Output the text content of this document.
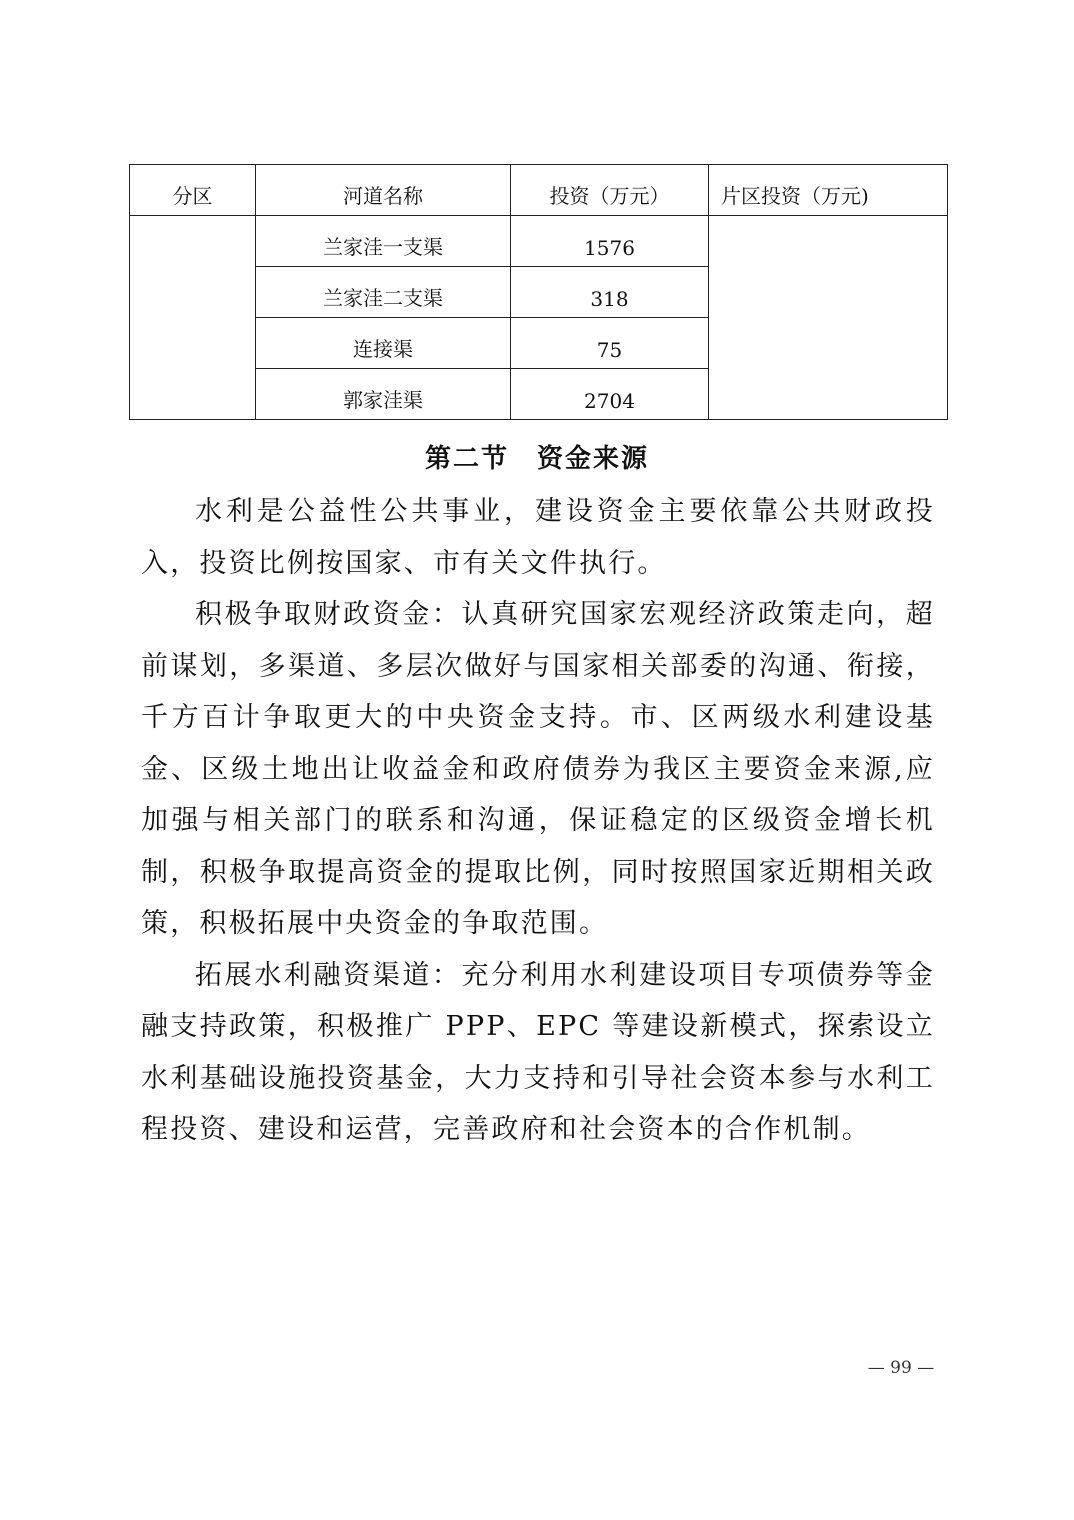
分区	河道名称	投资（万元）	片区投资（万元)
	兰家洼一支渠	1576	
	兰家洼二支渠	318	
	连接渠	75	
	郭家洼渠	2704	
第二节　资金来源

水利是公益性公共事业，建设资金主要依靠公共财政投入，投资比例按国家、市有关文件执行。

积极争取财政资金：认真研究国家宏观经济政策走向，超前谋划，多渠道、多层次做好与国家相关部委的沟通、衔接，千方百计争取更大的中央资金支持。市、区两级水利建设基金、区级土地出让收益金和政府债券为我区主要资金来源,应加强与相关部门的联系和沟通，保证稳定的区级资金增长机制，积极争取提高资金的提取比例，同时按照国家近期相关政策，积极拓展中央资金的争取范围。

拓展水利融资渠道：充分利用水利建设项目专项债券等金融支持政策，积极推广 PPP、EPC 等建设新模式，探索设立水利基础设施投资基金，大力支持和引导社会资本参与水利工程投资、建设和运营，完善政府和社会资本的合作机制。

— 99 —
